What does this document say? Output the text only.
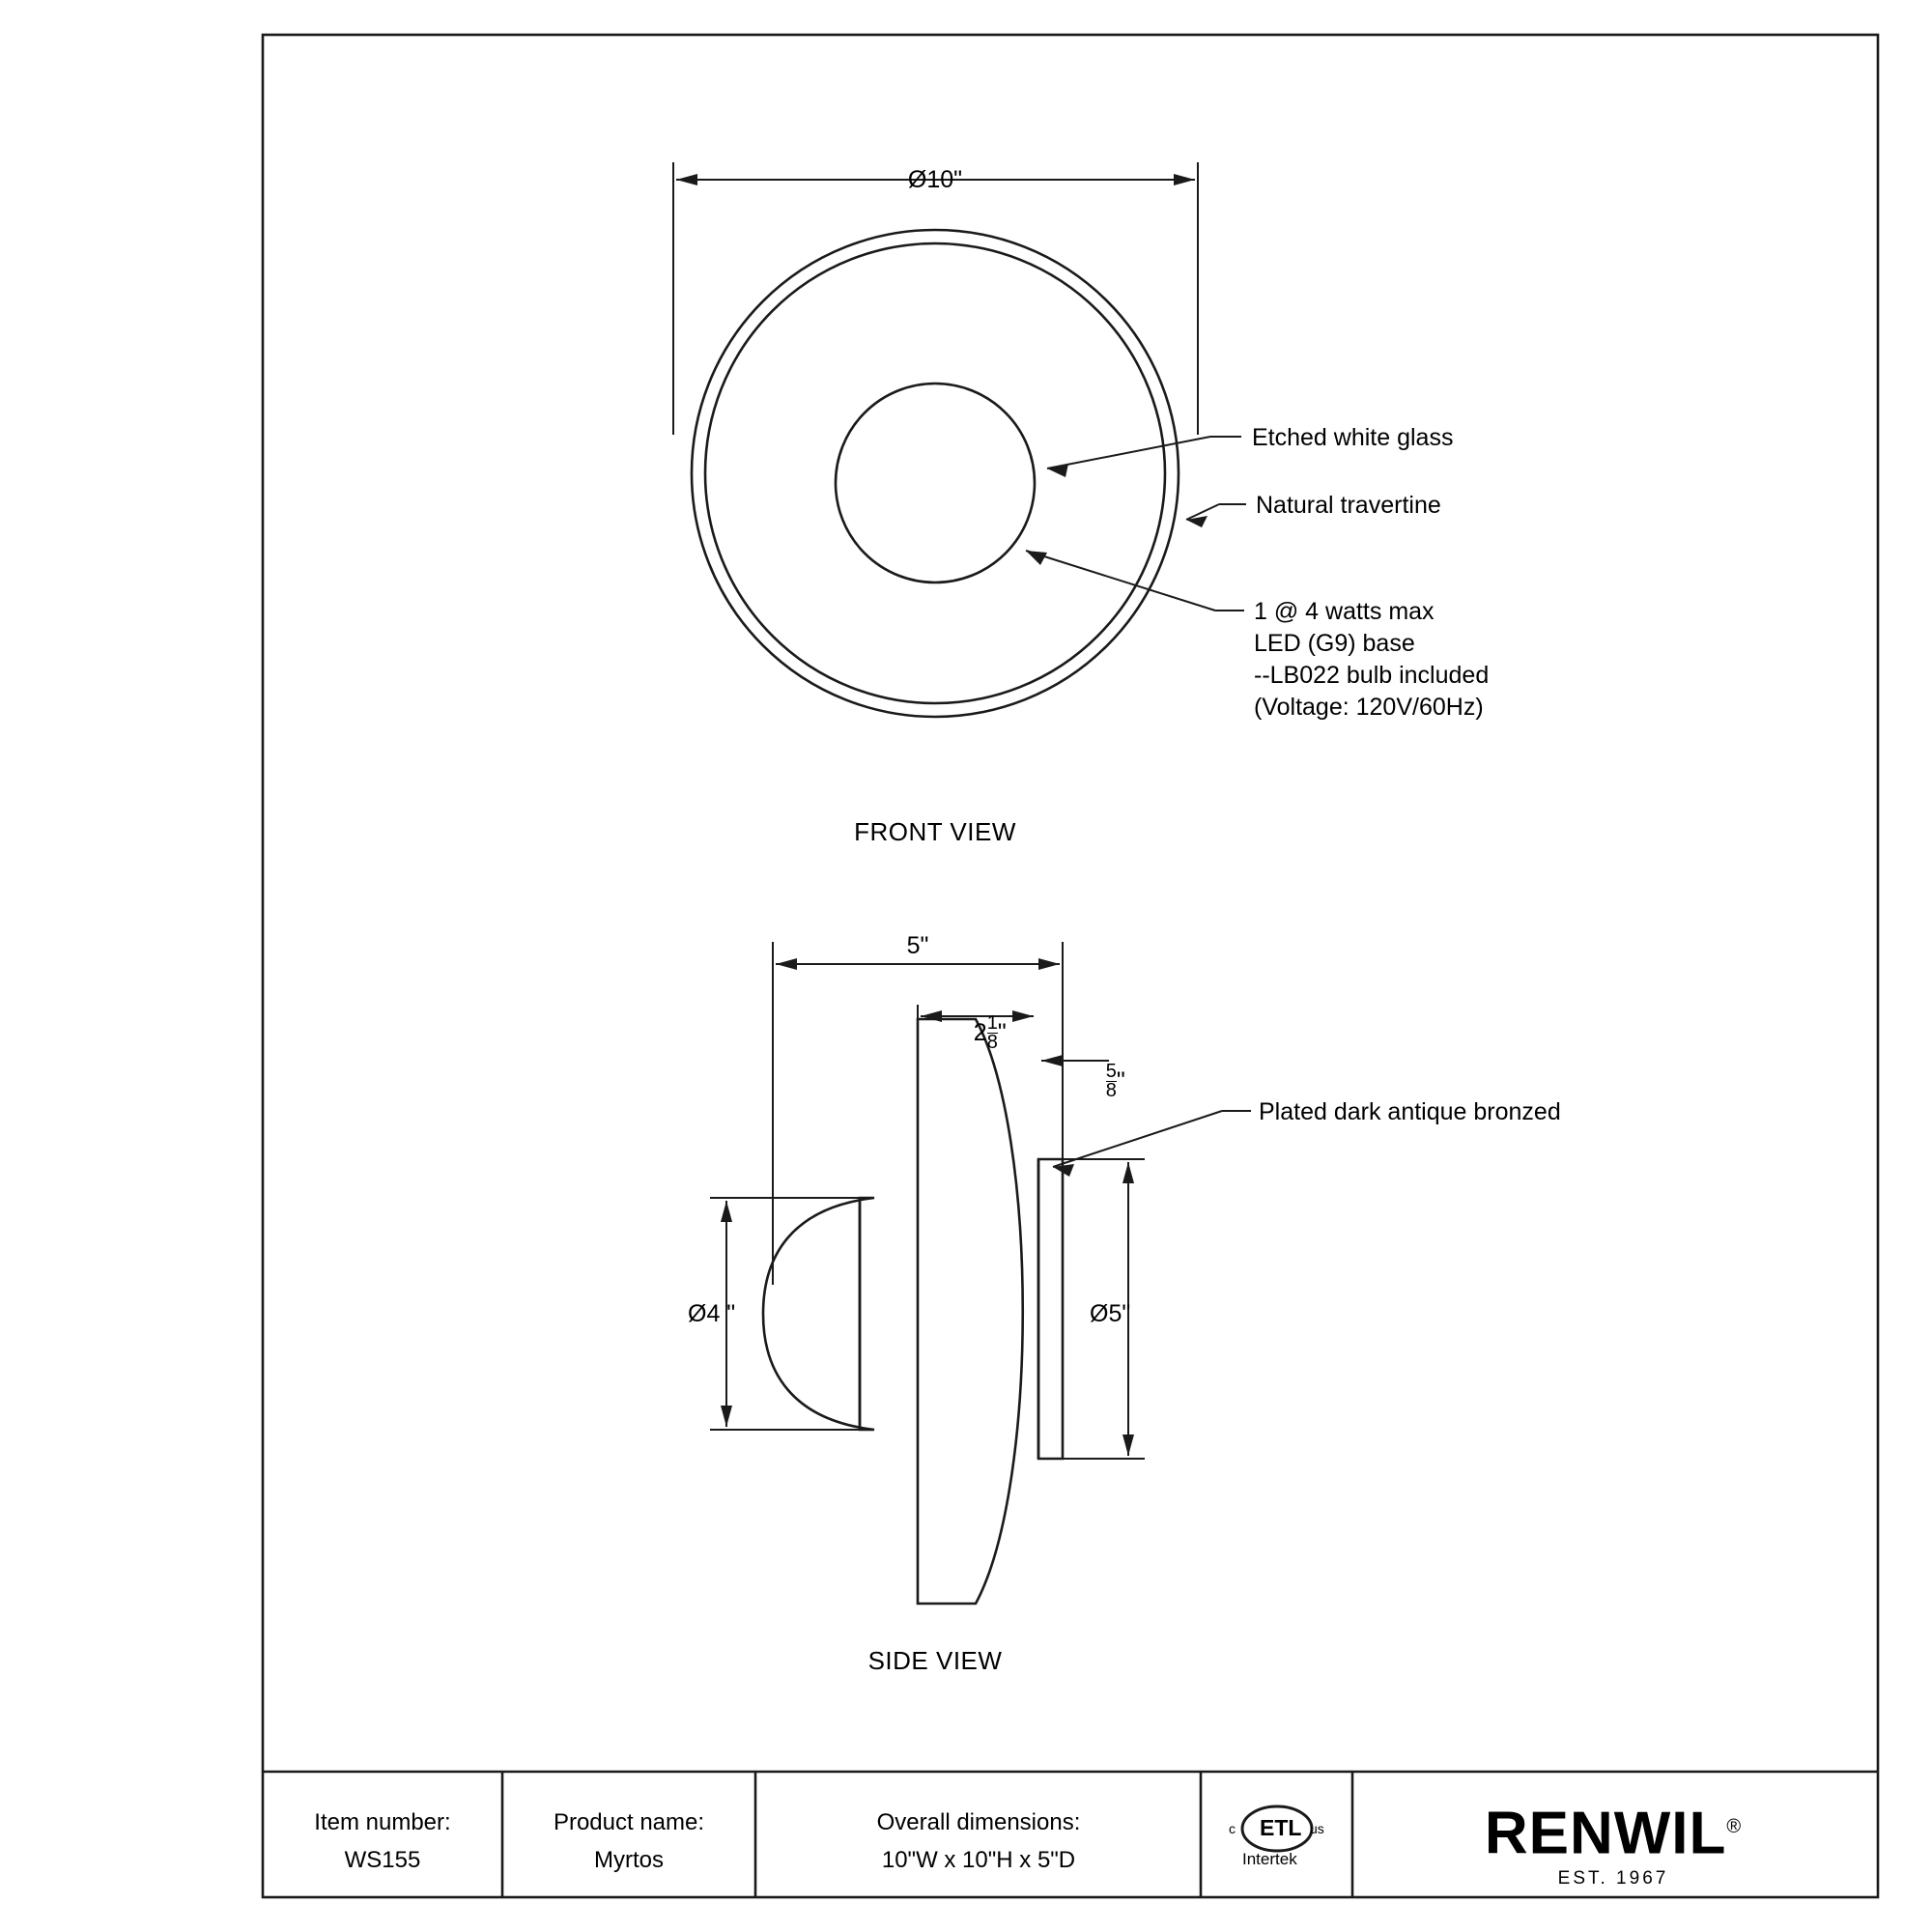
Ø10"
Etched white glass
Natural travertine
1 @ 4 watts max
LED (G9) base
--LB022 bulb included
(Voltage: 120V/60Hz)
FRONT VIEW
5"

$2 \frac{1}{8}$ "

$\frac{5}{8}$ "

Ø4 "	Ø5"
Plated dark antique bronzed
SIDE VIEW
Item number:
WS155
Product name:
Myrtos
Overall dimensions:
10"W x 10"H x 5"D
c ETL us
Intertek	RENWIL®
EST. 1967
